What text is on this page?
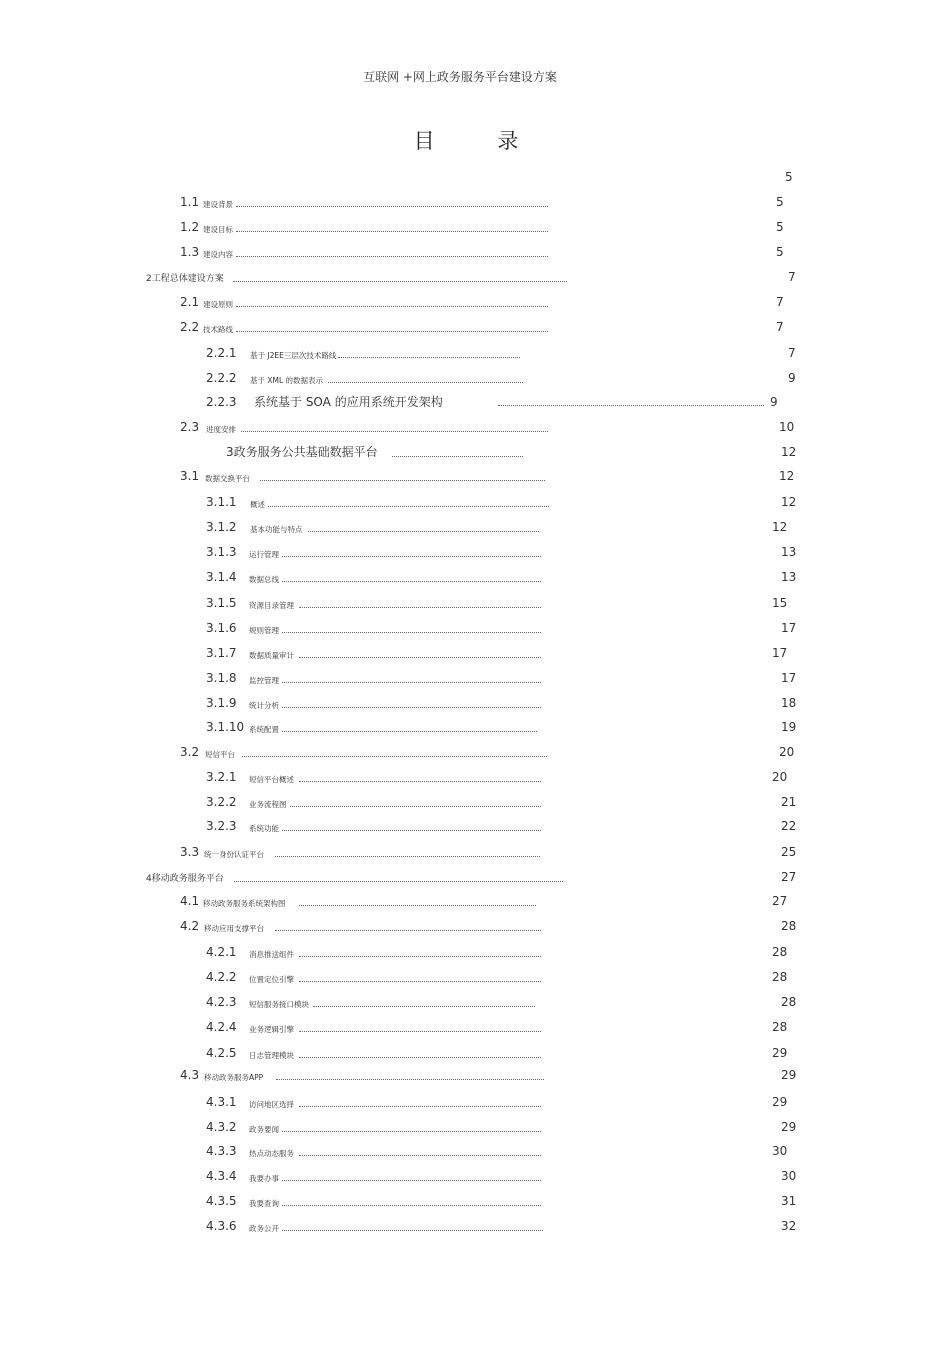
互联网 +网上政务服务平台建设方案
目 录
5
1.1 建设背景	5
1.2 建设目标	5
1.3 建设内容	5
2工程总体建设方案	7
2.1 建设原则	7
2.2 技术路线	7
2.2.1 基于 J2EE三层次技术路线	7
2.2.2 基于 XML 的数据表示	9
2.2.3 系统基于 SOA 的应用系统开发架构	9
2.3 进度安排	10
3政务服务公共基础数据平台	12
3.1 数据交换平台	12
3.1.1 概述	12
3.1.2 基本功能与特点	12
3.1.3 运行管理	13
3.1.4 数据总线	13
3.1.5 资源目录管理	15
3.1.6 规则管理	17
3.1.7 数据质量审计	17
3.1.8 监控管理	17
3.1.9 统计分析	18
3.1.10 系统配置	19
3.2 短信平台	20
3.2.1 短信平台概述	20
3.2.2 业务流程图	21
3.2.3 系统功能	22
3.3 统一身份认证平台	25
4移动政务服务平台	27
4.1 移动政务服务系统架构图	27
4.2 移动应用支撑平台	28
4.2.1 消息推送组件	28
4.2.2 位置定位引擎	28
4.2.3 短信服务接口模块	28
4.2.4 业务逻辑引擎	28
4.2.5 日志管理模块	29
4.3 移动政务服务APP	29
4.3.1 访问地区选择	29
4.3.2 政务要闻	29
4.3.3 热点动态服务	30
4.3.4 我要办事	30
4.3.5 我要查询	31
4.3.6 政务公开	32
